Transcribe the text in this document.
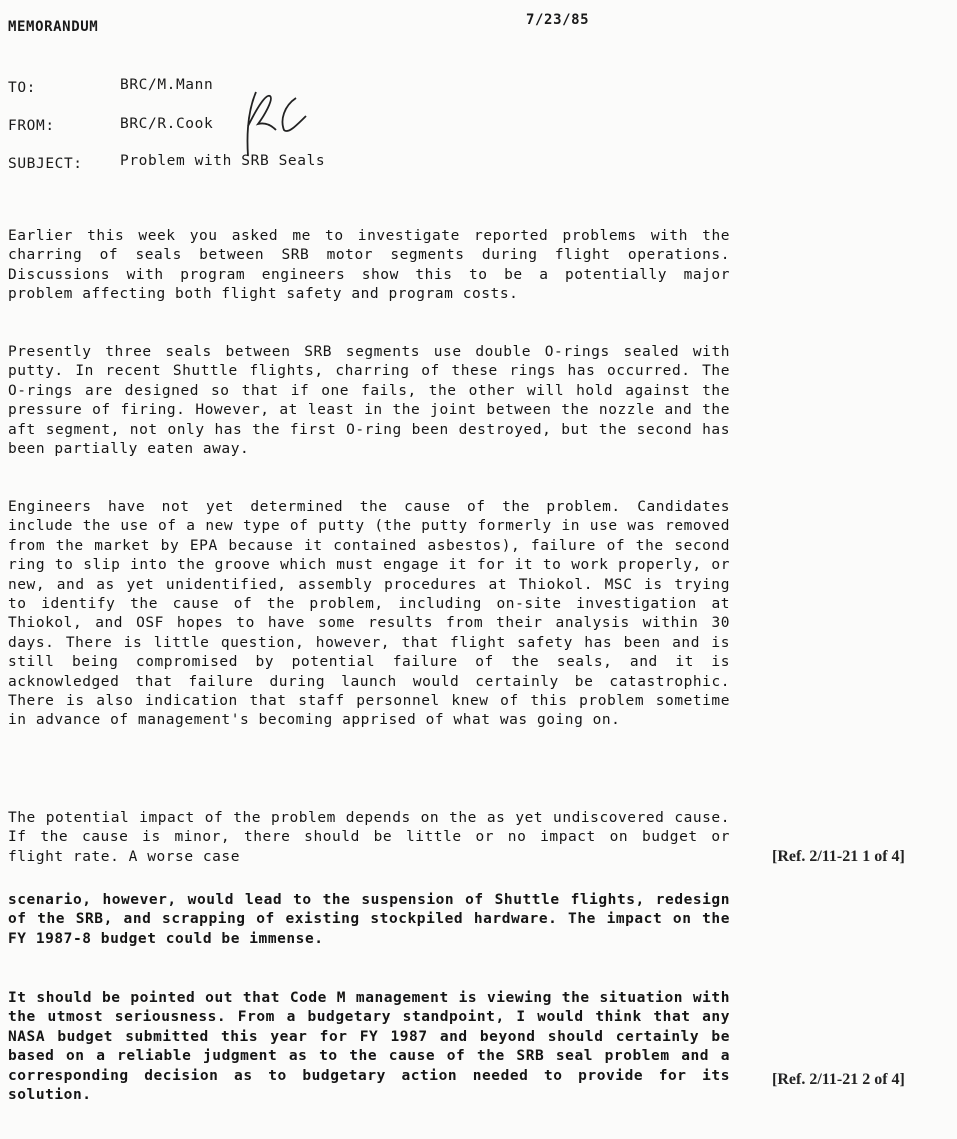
MEMORANDUM	7/23/85
TO:	BRC/M.Mann
FROM:	BRC/R.Cook
SUBJECT:	Problem with SRB Seals
Earlier this week you asked me to investigate reported problems with the charring of seals between SRB motor segments during flight operations. Discussions with program engineers show this to be a potentially major problem affecting both flight safety and program costs.
Presently three seals between SRB segments use double O-rings sealed with putty. In recent Shuttle flights, charring of these rings has occurred. The O-rings are designed so that if one fails, the other will hold against the pressure of firing. However, at least in the joint between the nozzle and the aft segment, not only has the first O-ring been destroyed, but the second has been partially eaten away.
Engineers have not yet determined the cause of the problem. Candidates include the use of a new type of putty (the putty formerly in use was removed from the market by EPA because it contained asbestos), failure of the second ring to slip into the groove which must engage it for it to work properly, or new, and as yet unidentified, assembly procedures at Thiokol. MSC is trying to identify the cause of the problem, including on-site investigation at Thiokol, and OSF hopes to have some results from their analysis within 30 days. There is little question, however, that flight safety has been and is still being compromised by potential failure of the seals, and it is acknowledged that failure during launch would certainly be catastrophic. There is also indication that staff personnel knew of this problem sometime in advance of management's becoming apprised of what was going on.
The potential impact of the problem depends on the as yet undiscovered cause. If the cause is minor, there should be little or no impact on budget or flight rate. A worse case	[Ref. 2/11-21 1 of 4]
scenario, however, would lead to the suspension of Shuttle flights, redesign of the SRB, and scrapping of existing stockpiled hardware. The impact on the FY 1987-8 budget could be immense.
It should be pointed out that Code M management is viewing the situation with the utmost seriousness. From a budgetary standpoint, I would think that any NASA budget submitted this year for FY 1987 and beyond should certainly be based on a reliable judgment as to the cause of the SRB seal problem and a corresponding decision as to budgetary action needed to provide for its solution.
[Ref. 2/11-21 2 of 4]
